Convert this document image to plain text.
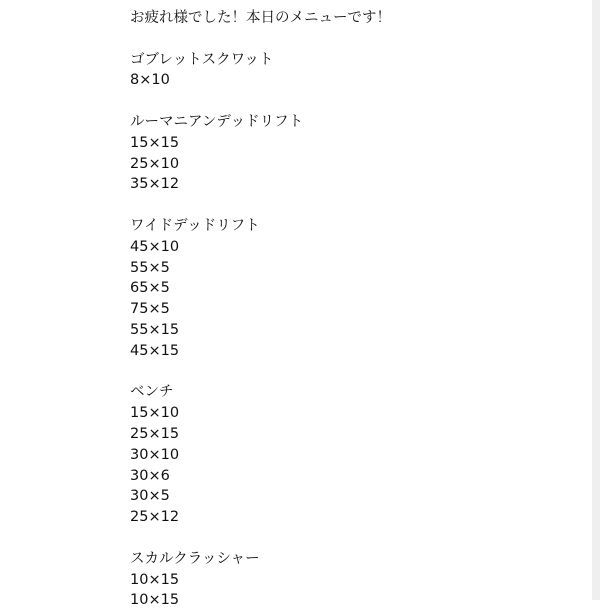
お疲れ様でした！本日のメニューです！
ゴブレットスクワット
8×10
ルーマニアンデッドリフト
15×15
25×10
35×12
ワイドデッドリフト
45×10
55×5
65×5
75×5
55×15
45×15
ベンチ
15×10
25×15
30×10
30×6
30×5
25×12
スカルクラッシャー
10×15
10×15
